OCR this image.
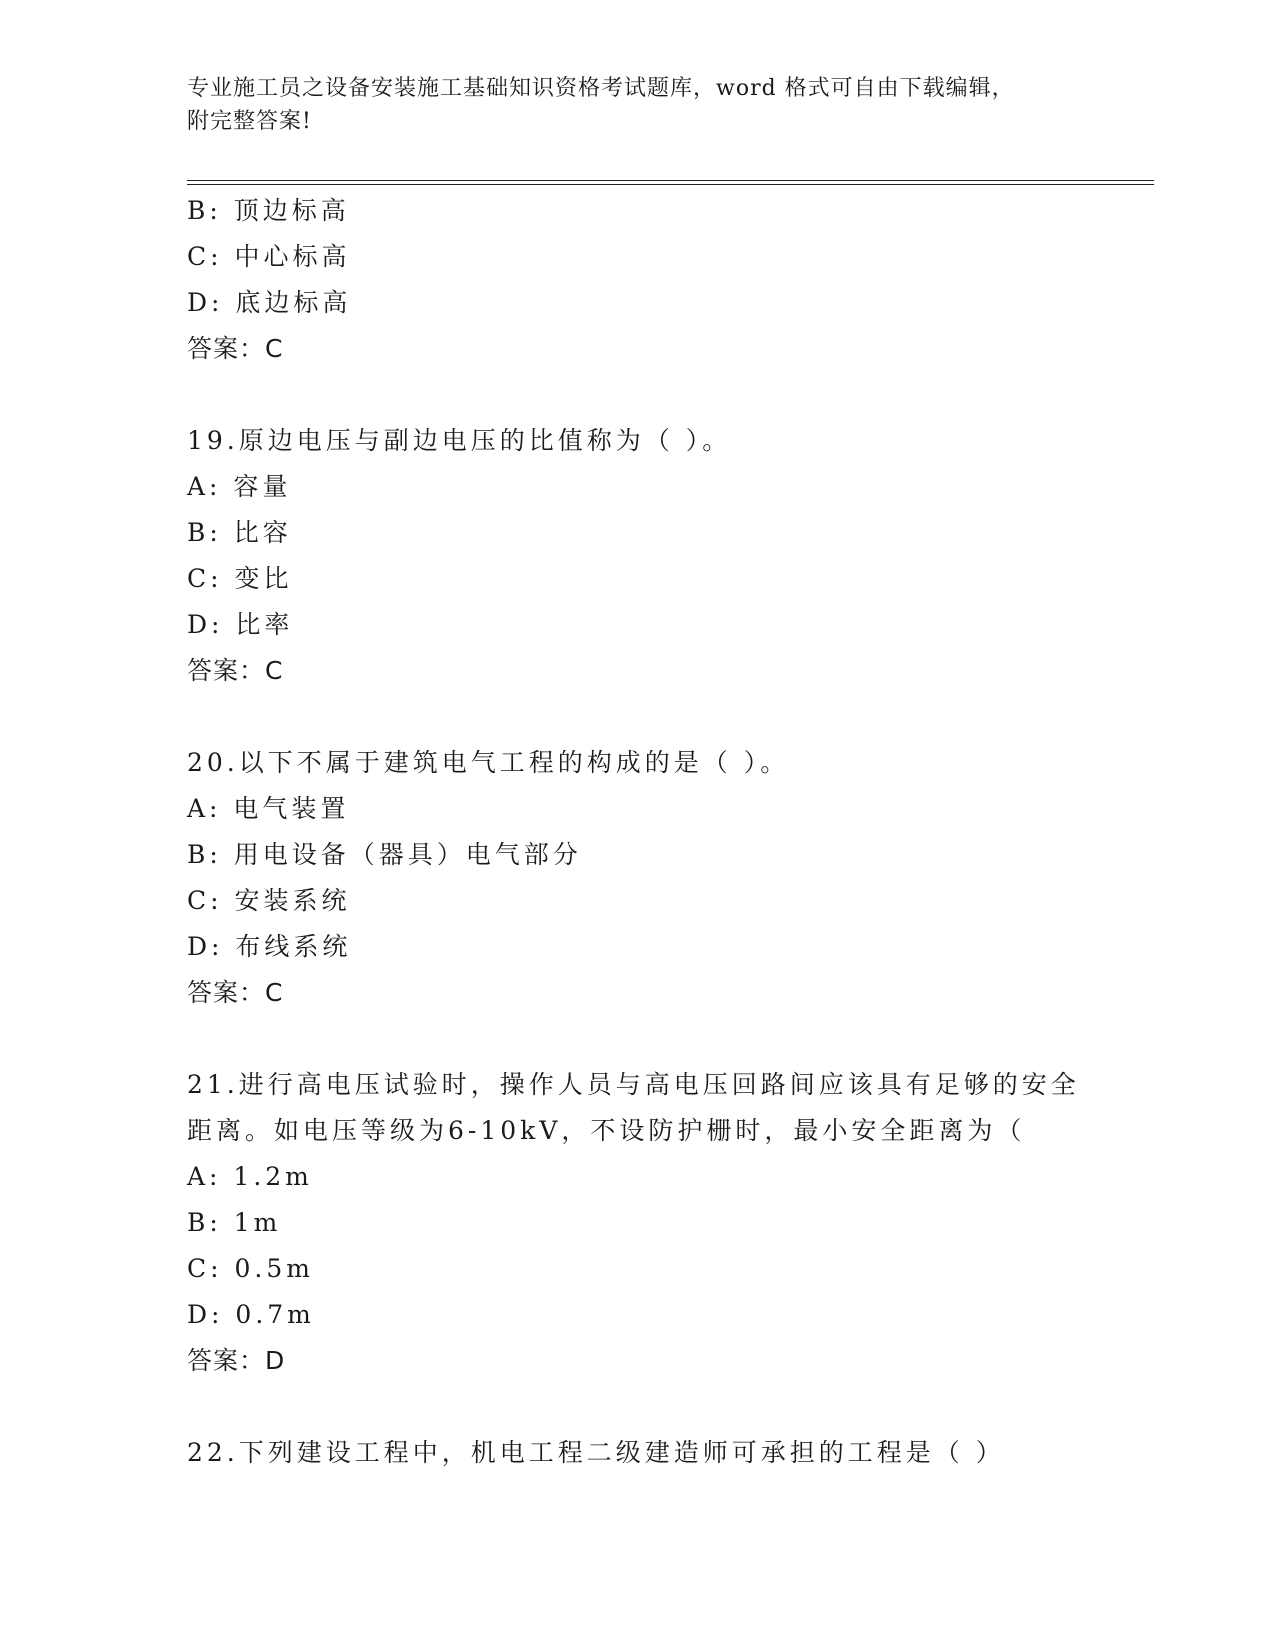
专业施工员之设备安装施工基础知识资格考试题库，word 格式可自由下载编辑，
附完整答案!
B: 顶边标高
C: 中心标高
D: 底边标高
答案：C
19.原边电压与副边电压的比值称为（ ）。
A: 容量
B: 比容
C: 变比
D: 比率
答案：C
20.以下不属于建筑电气工程的构成的是（ ）。
A: 电气装置
B: 用电设备（器具）电气部分
C: 安装系统
D: 布线系统
答案：C
21.进行高电压试验时，操作人员与高电压回路间应该具有足够的安全
距离。如电压等级为6-10kV，不设防护栅时，最小安全距离为（
A: 1.2m
B: 1m
C: 0.5m
D: 0.7m
答案：D
22.下列建设工程中，机电工程二级建造师可承担的工程是（ ）
